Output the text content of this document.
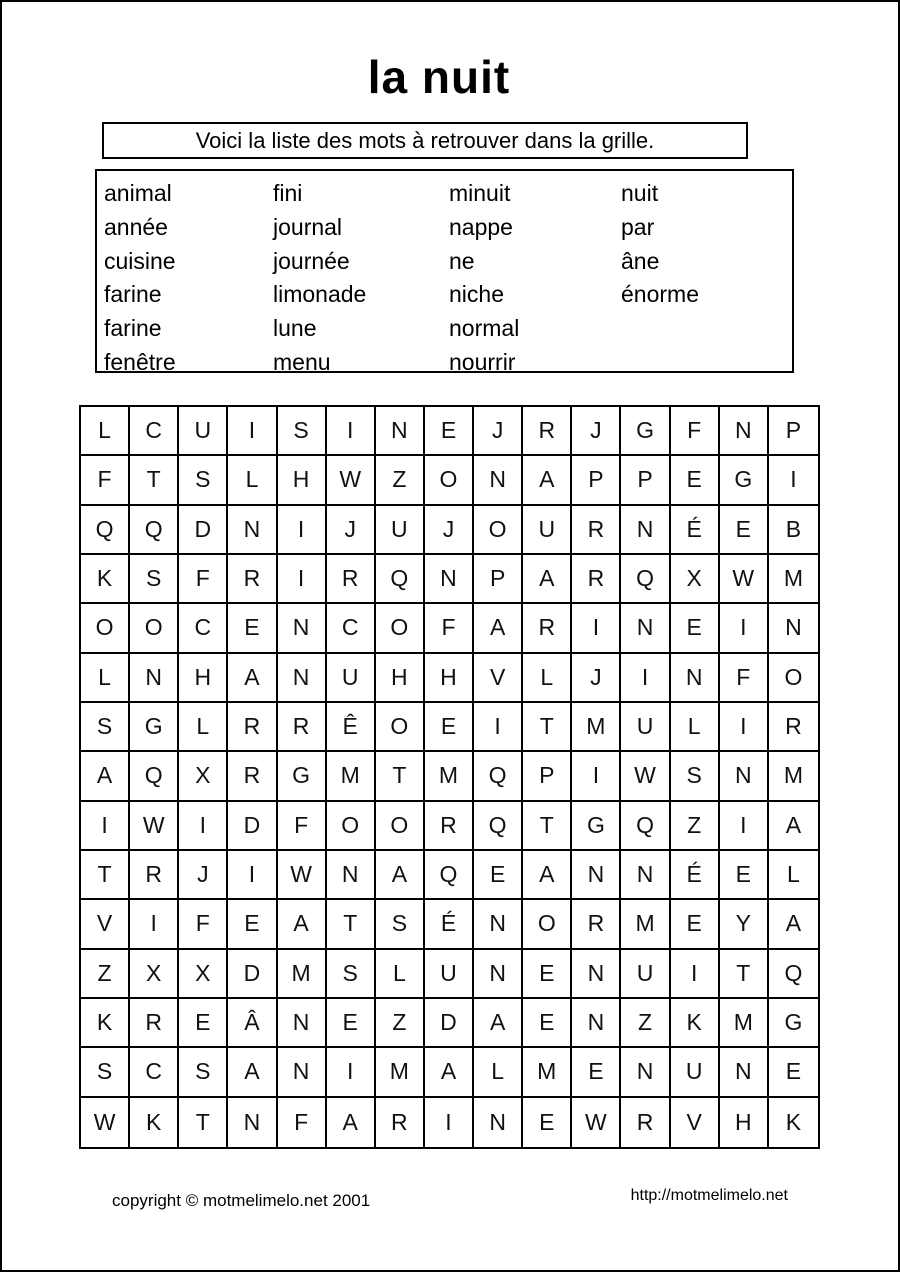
la nuit
Voici la liste des mots à retrouver dans la grille.
animal
année
cuisine
farine
farine
fenêtre
fini
journal
journée
limonade
lune
menu
minuit
nappe
ne
niche
normal
nourrir
nuit
par
âne
énorme
L	C	U	I	S	I	N	E	J	R	J	G	F	N	P
F	T	S	L	H	W	Z	O	N	A	P	P	E	G	I
Q	Q	D	N	I	J	U	J	O	U	R	N	É	E	B
K	S	F	R	I	R	Q	N	P	A	R	Q	X	W	M
O	O	C	E	N	C	O	F	A	R	I	N	E	I	N
L	N	H	A	N	U	H	H	V	L	J	I	N	F	O
S	G	L	R	R	Ê	O	E	I	T	M	U	L	I	R
A	Q	X	R	G	M	T	M	Q	P	I	W	S	N	M
I	W	I	D	F	O	O	R	Q	T	G	Q	Z	I	A
T	R	J	I	W	N	A	Q	E	A	N	N	É	E	L
V	I	F	E	A	T	S	É	N	O	R	M	E	Y	A
Z	X	X	D	M	S	L	U	N	E	N	U	I	T	Q
K	R	E	Â	N	E	Z	D	A	E	N	Z	K	M	G
S	C	S	A	N	I	M	A	L	M	E	N	U	N	E
W	K	T	N	F	A	R	I	N	E	W	R	V	H	K
copyright © motmelimelo.net 2001	http://motmelimelo.net
